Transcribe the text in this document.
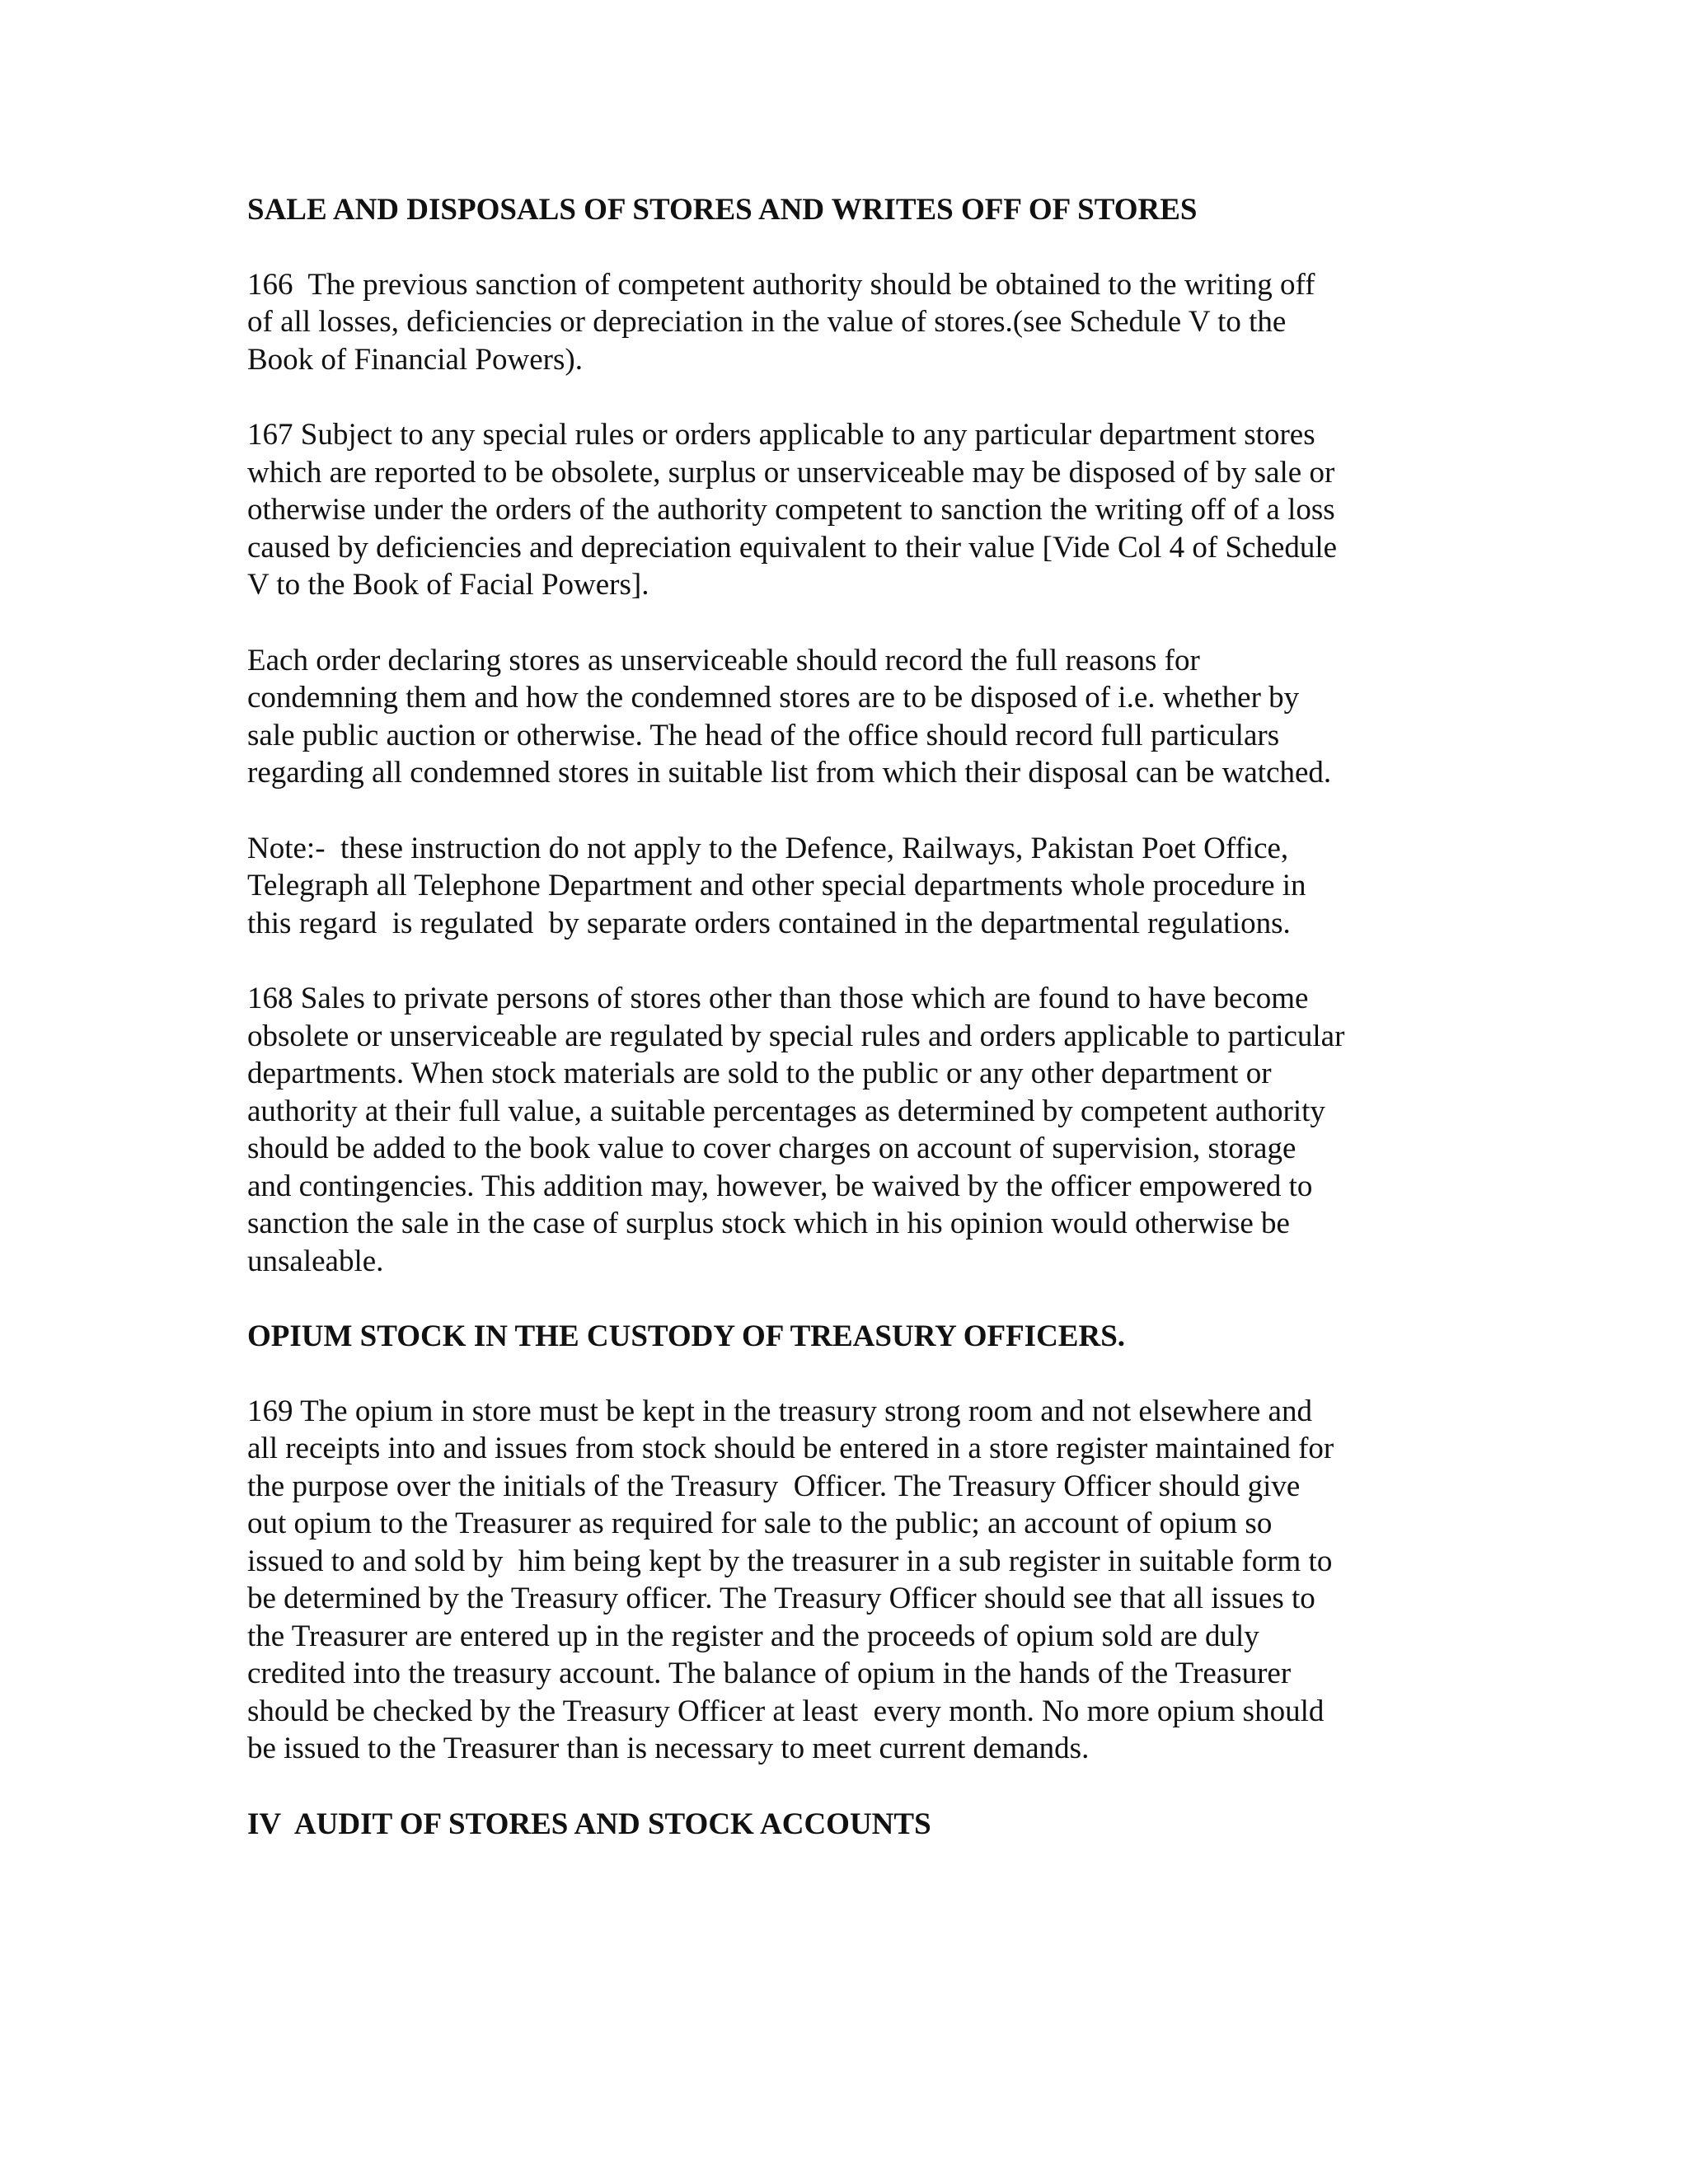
SALE AND DISPOSALS OF STORES AND WRITES OFF OF STORES
166  The previous sanction of competent authority should be obtained to the writing off
of all losses, deficiencies or depreciation in the value of stores.(see Schedule V to the
Book of Financial Powers).
167 Subject to any special rules or orders applicable to any particular department stores
which are reported to be obsolete, surplus or unserviceable may be disposed of by sale or
otherwise under the orders of the authority competent to sanction the writing off of a loss
caused by deficiencies and depreciation equivalent to their value [Vide Col 4 of Schedule
V to the Book of Facial Powers].
Each order declaring stores as unserviceable should record the full reasons for
condemning them and how the condemned stores are to be disposed of i.e. whether by
sale public auction or otherwise. The head of the office should record full particulars
regarding all condemned stores in suitable list from which their disposal can be watched.
Note:-  these instruction do not apply to the Defence, Railways, Pakistan Poet Office,
Telegraph all Telephone Department and other special departments whole procedure in
this regard  is regulated  by separate orders contained in the departmental regulations.
168 Sales to private persons of stores other than those which are found to have become
obsolete or unserviceable are regulated by special rules and orders applicable to particular
departments. When stock materials are sold to the public or any other department or
authority at their full value, a suitable percentages as determined by competent authority
should be added to the book value to cover charges on account of supervision, storage
and contingencies. This addition may, however, be waived by the officer empowered to
sanction the sale in the case of surplus stock which in his opinion would otherwise be
unsaleable.
OPIUM STOCK IN THE CUSTODY OF TREASURY OFFICERS.
169 The opium in store must be kept in the treasury strong room and not elsewhere and
all receipts into and issues from stock should be entered in a store register maintained for
the purpose over the initials of the Treasury  Officer. The Treasury Officer should give
out opium to the Treasurer as required for sale to the public; an account of opium so
issued to and sold by  him being kept by the treasurer in a sub register in suitable form to
be determined by the Treasury officer. The Treasury Officer should see that all issues to
the Treasurer are entered up in the register and the proceeds of opium sold are duly
credited into the treasury account. The balance of opium in the hands of the Treasurer
should be checked by the Treasury Officer at least  every month. No more opium should
be issued to the Treasurer than is necessary to meet current demands.
IV  AUDIT OF STORES AND STOCK ACCOUNTS
